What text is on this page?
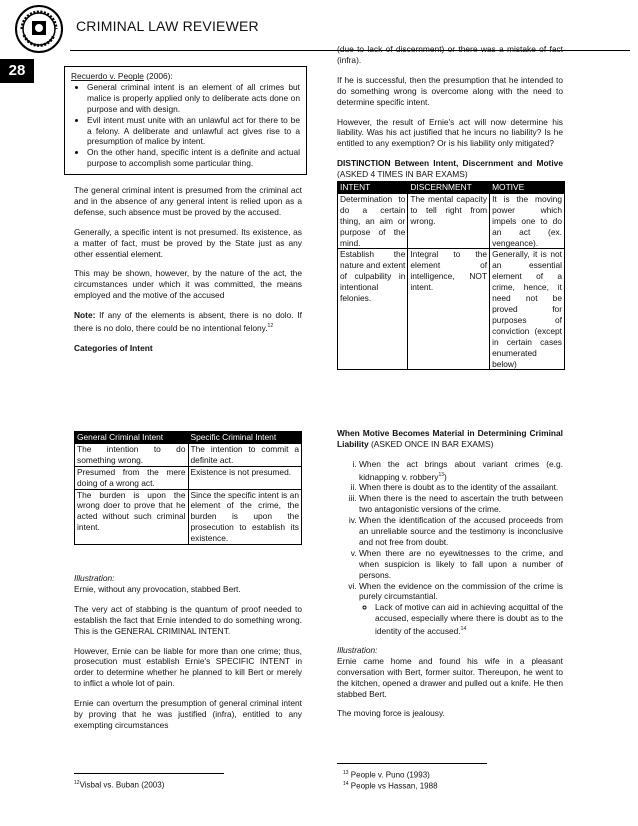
CRIMINAL LAW REVIEWER
28	Recuerdo v. People (2006):
• General criminal intent is an element of all crimes but malice is properly applied only to deliberate acts done on purpose and with design.
• Evil intent must unite with an unlawful act for there to be a felony. A deliberate and unlawful act gives rise to a presumption of malice by intent.
• On the other hand, specific intent is a definite and actual purpose to accomplish some particular thing.

The general criminal intent is presumed from the criminal act and in the absence of any general intent is relied upon as a defense, such absence must be proved by the accused.

Generally, a specific intent is not presumed. Its existence, as a matter of fact, must be proved by the State just as any other essential element.

This may be shown, however, by the nature of the act, the circumstances under which it was committed, the means employed and the motive of the accused

Note: If any of the elements is absent, there is no dolo. If there is no dolo, there could be no intentional felony.$^{12}$

Categories of Intent

General Criminal Intent	Specific Criminal Intent
The intention to do something wrong.	The intention to commit a definite act.
Presumed from the mere doing of a wrong act.	Existence is not presumed.
The burden is upon the wrong doer to prove that he acted without such criminal intent.	Since the specific intent is an element of the crime, the burden is upon the prosecution to establish its existence.
Illustration:

Ernie, without any provocation, stabbed Bert.

The very act of stabbing is the quantum of proof needed to establish the fact that Ernie intended to do something wrong. This is the GENERAL CRIMINAL INTENT.

However, Ernie can be liable for more than one crime; thus, prosecution must establish Ernie's SPECIFIC INTENT in order to determine whether he planned to kill Bert or merely to inflict a whole lot of pain.

Ernie can overturn the presumption of general criminal intent by proving that he was justified (infra), entitled to any exempting circumstances

$^{12}$Visbal vs. Buban (2003)

(due to lack of discernment) or there was a mistake of fact (infra).

If he is successful, then the presumption that he intended to do something wrong is overcome along with the need to determine specific intent.

However, the result of Ernie's act will now determine his liability. Was his act justified that he incurs no liability? Is he entitled to any exemption? Or is his liability only mitigated?

DISTINCTION Between Intent, Discernment and Motive (ASKED 4 TIMES IN BAR EXAMS)

INTENT	DISCERNMENT	MOTIVE
Determination to do a certain thing, an aim or purpose of the mind.	The mental capacity to tell right from wrong.	It is the moving power which impels one to do an act (ex. vengeance).
Establish the nature and extent of culpability in intentional felonies.	Integral to the element of intelligence, NOT intent.	Generally, it is not an essential element of a crime, hence, it need not be proved for purposes of conviction (except in certain cases enumerated below)

When Motive Becomes Material in Determining Criminal Liability (ASKED ONCE IN BAR EXAMS)

i. When the act brings about variant crimes (e.g. kidnapping v. robbery$^{13}$)
ii. When there is doubt as to the identity of the assailant.
iii. When there is the need to ascertain the truth between two antagonistic versions of the crime.
iv. When the identification of the accused proceeds from an unreliable source and the testimony is inconclusive and not free from doubt.
v. When there are no eyewitnesses to the crime, and when suspicion is likely to fall upon a number of persons.
vi. When the evidence on the commission of the crime is purely circumstantial.
◦ Lack of motive can aid in achieving acquittal of the accused, especially where there is doubt as to the identity of the accused.$^{14}$
Illustration:

Ernie came home and found his wife in a pleasant conversation with Bert, former suitor. Thereupon, he went to the kitchen, opened a drawer and pulled out a knife. He then stabbed Bert.

The moving force is jealousy.

$^{13}$ People v. Puno (1993)
$^{14}$ People vs Hassan, 1988
